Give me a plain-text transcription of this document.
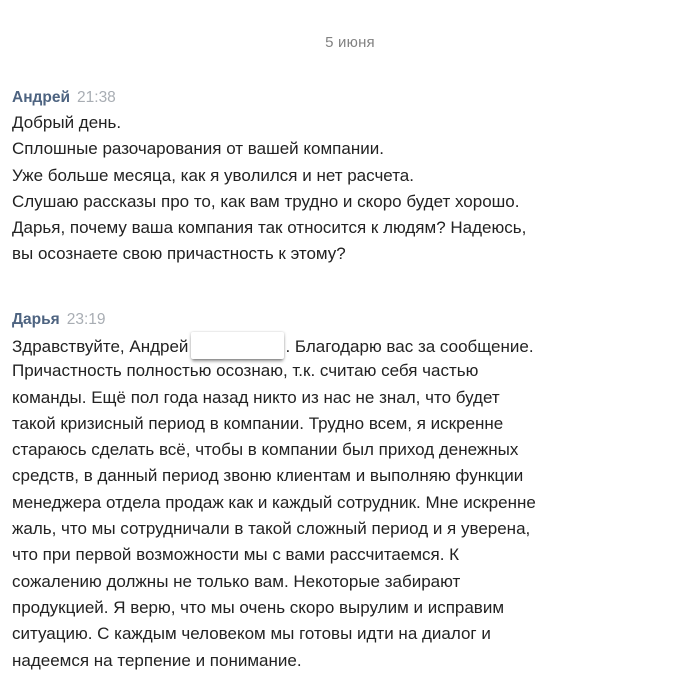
5 июня
Андрей 21:38
Добрый день.
Сплошные разочарования от вашей компании.
Уже больше месяца, как я уволился и нет расчета.
Слушаю рассказы про то, как вам трудно и скоро будет хорошо.
Дарья, почему ваша компания так относится к людям? Надеюсь,
вы осознаете свою причастность к этому?
Дарья 23:19
Здравствуйте, Андрей	. Благодарю вас за сообщение.
Причастность полностью осознаю, т.к. считаю себя частью
команды. Ещё пол года назад никто из нас не знал, что будет
такой кризисный период в компании. Трудно всем, я искренне
стараюсь сделать всё, чтобы в компании был приход денежных
средств, в данный период звоню клиентам и выполняю функции
менеджера отдела продаж как и каждый сотрудник. Мне искренне
жаль, что мы сотрудничали в такой сложный период и я уверена,
что при первой возможности мы с вами рассчитаемся. К
сожалению должны не только вам. Некоторые забирают
продукцией. Я верю, что мы очень скоро вырулим и исправим
ситуацию. С каждым человеком мы готовы идти на диалог и
надеемся на терпение и понимание.
